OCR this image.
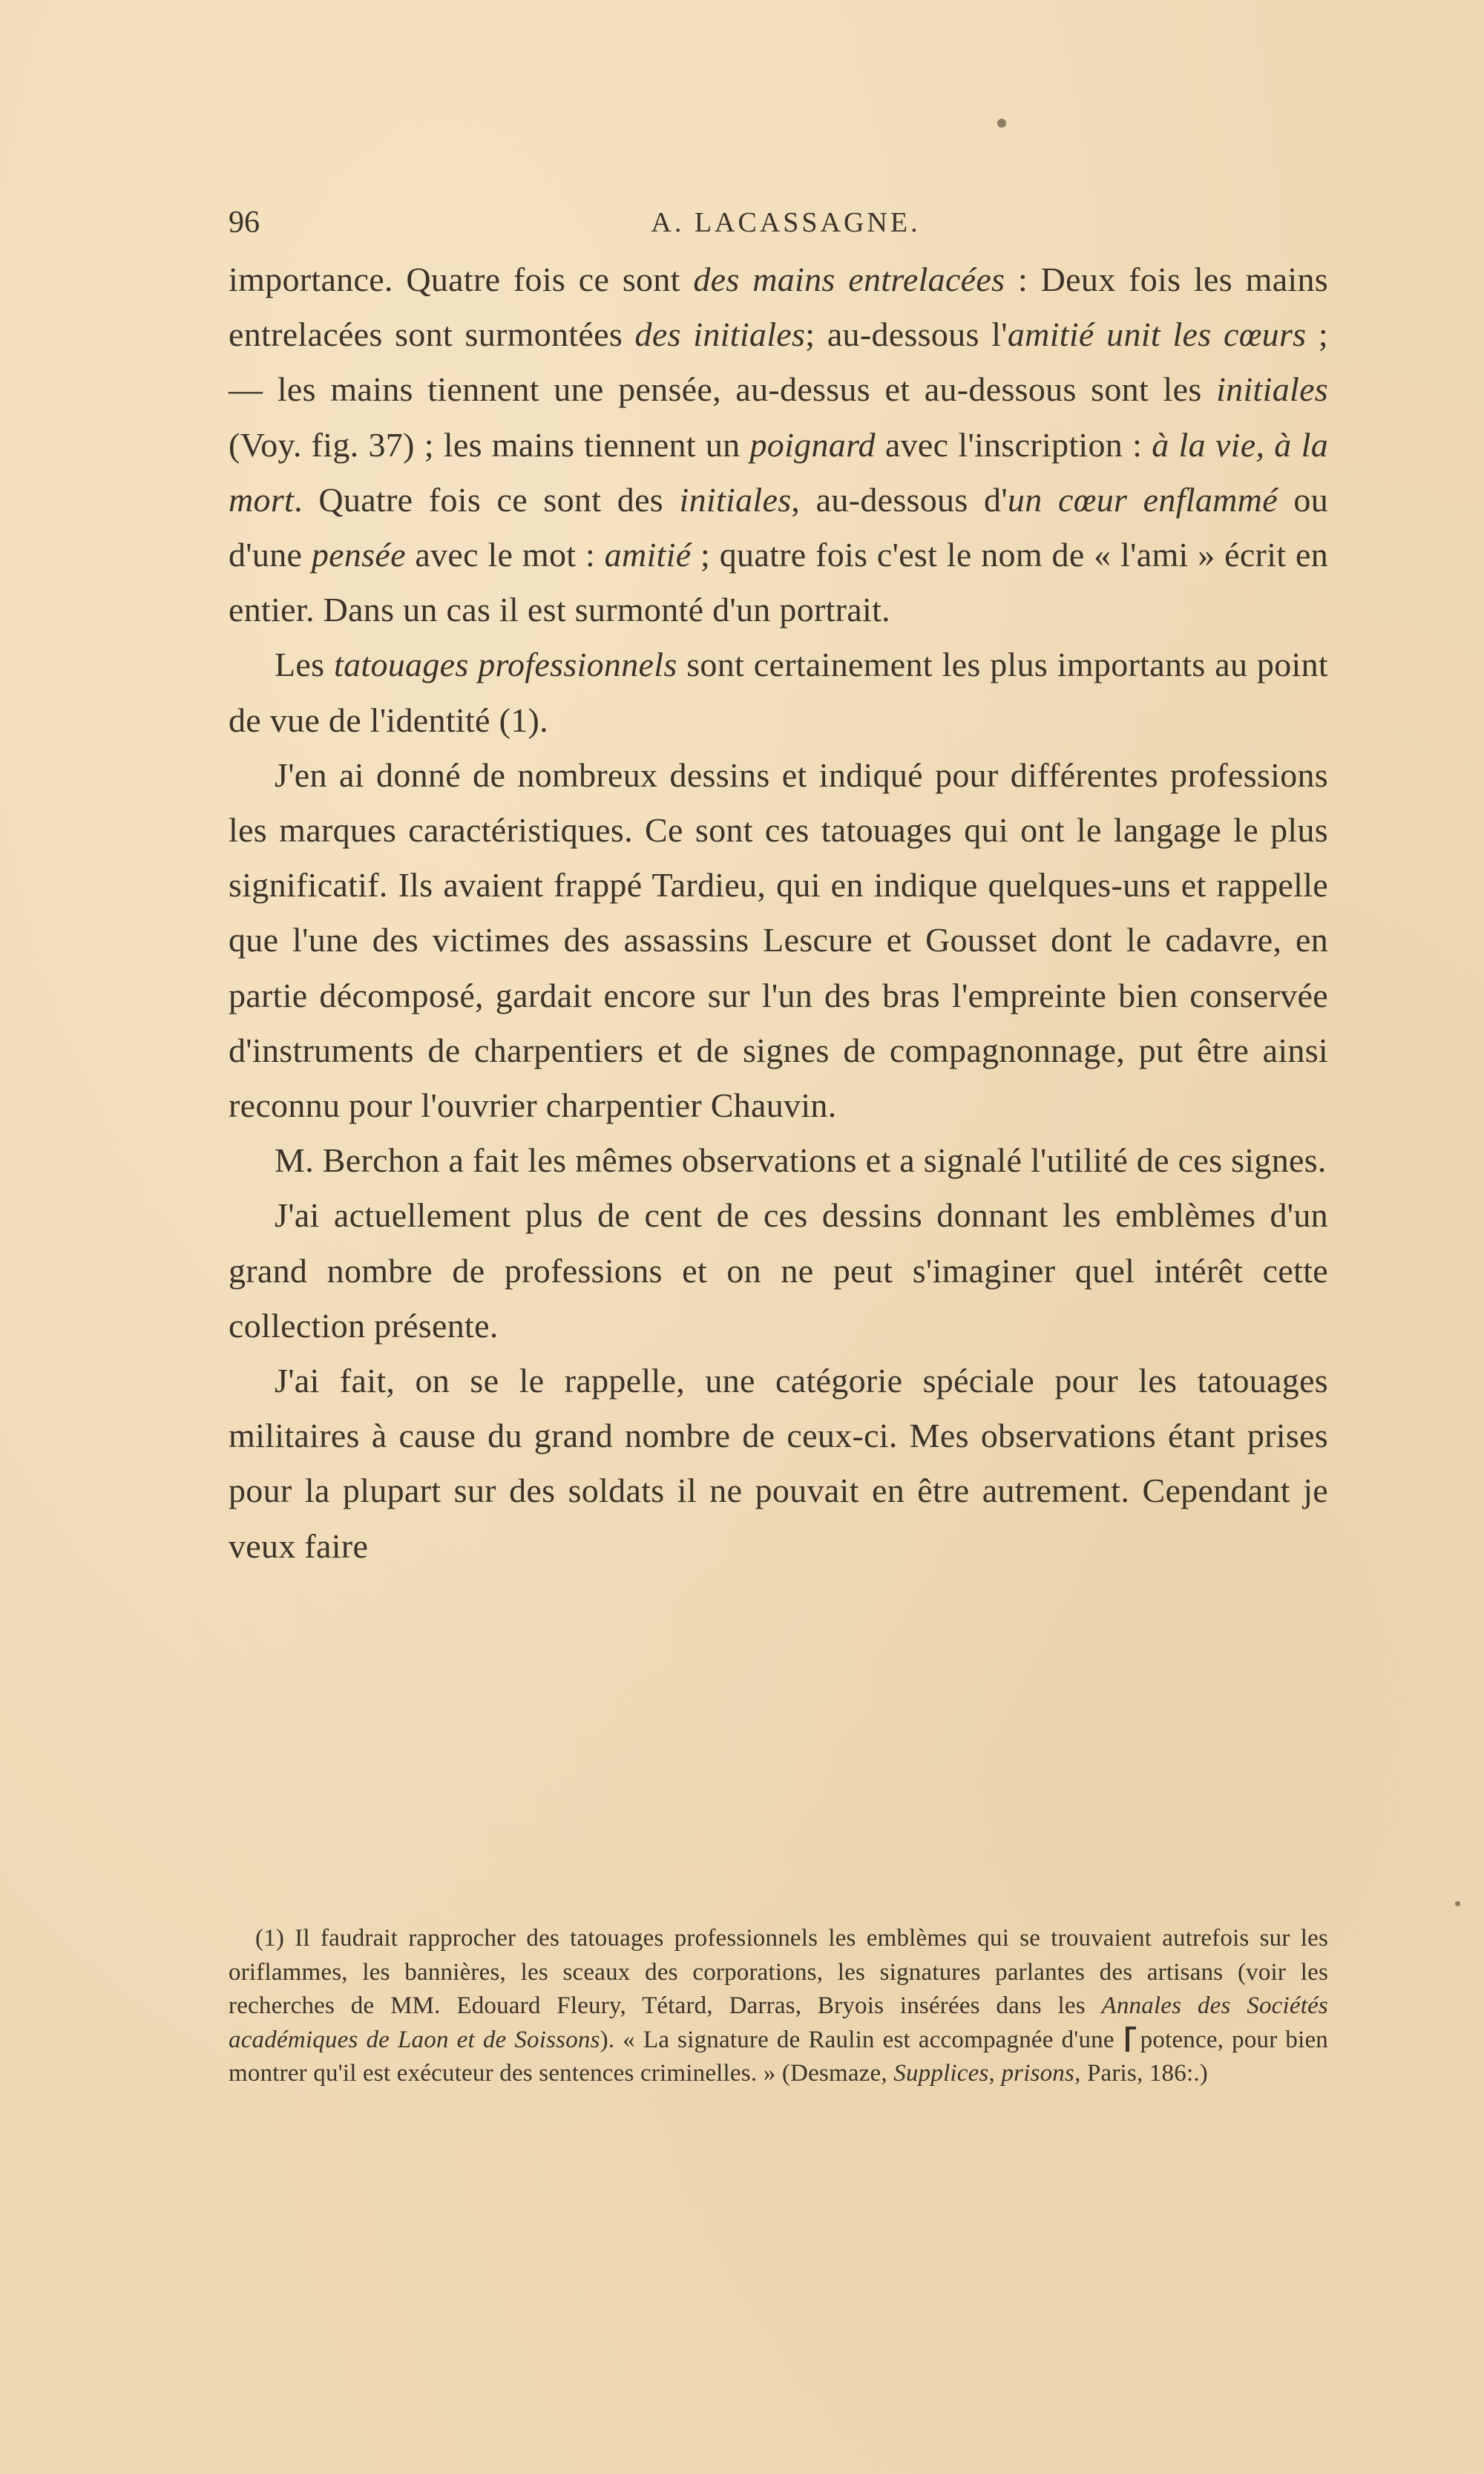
96	A. LACASSAGNE.

importance. Quatre fois ce sont des mains entrelacées : Deux fois les mains entrelacées sont surmontées des initiales; au-dessous l'amitié unit les cœurs ; — les mains tiennent une pensée, au-dessus et au-dessous sont les initiales (Voy. fig. 37) ; les mains tiennent un poignard avec l'inscription : à la vie, à la mort. Quatre fois ce sont des initiales, au-dessous d'un cœur enflammé ou d'une pensée avec le mot : amitié ; quatre fois c'est le nom de « l'ami » écrit en entier. Dans un cas il est surmonté d'un portrait.

Les tatouages professionnels sont certainement les plus importants au point de vue de l'identité (1).

J'en ai donné de nombreux dessins et indiqué pour différentes professions les marques caractéristiques. Ce sont ces tatouages qui ont le langage le plus significatif. Ils avaient frappé Tardieu, qui en indique quelques-uns et rappelle que l'une des victimes des assassins Lescure et Gousset dont le cadavre, en partie décomposé, gardait encore sur l'un des bras l'empreinte bien conservée d'instruments de charpentiers et de signes de compagnonnage, put être ainsi reconnu pour l'ouvrier charpentier Chauvin.

M. Berchon a fait les mêmes observations et a signalé l'utilité de ces signes.

J'ai actuellement plus de cent de ces dessins donnant les emblèmes d'un grand nombre de professions et on ne peut s'imaginer quel intérêt cette collection présente.

J'ai fait, on se le rappelle, une catégorie spéciale pour les tatouages militaires à cause du grand nombre de ceux-ci. Mes observations étant prises pour la plupart sur des soldats il ne pouvait en être autrement. Cependant je veux faire

(1) Il faudrait rapprocher des tatouages professionnels les emblèmes qui se trouvaient autrefois sur les oriflammes, les bannières, les sceaux des corporations, les signatures parlantes des artisans (voir les recherches de MM. Edouard Fleury, Tétard, Darras, Bryois insérées dans les Annales des Sociétés académiques de Laon et de Soissons). « La signature de Raulin est accompagnée d'une potence, pour bien montrer qu'il est exécuteur des sentences criminelles. » (Desmaze, Supplices, prisons, Paris, 186:.)
